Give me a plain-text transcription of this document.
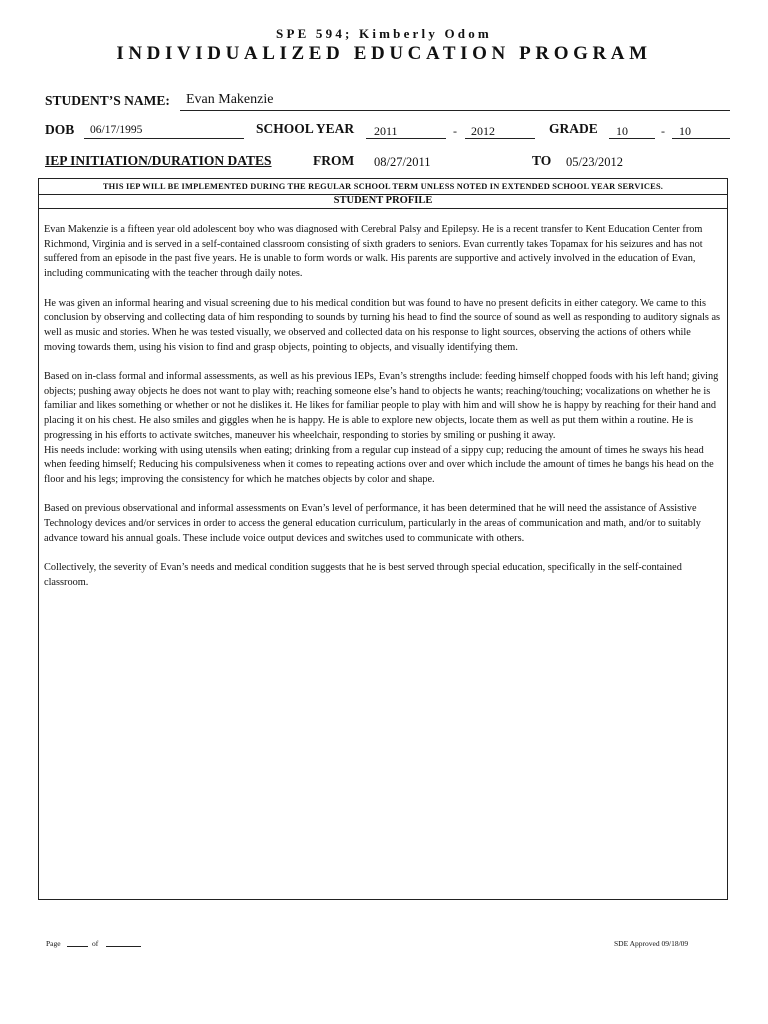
SPE 594; Kimberly Odom
INDIVIDUALIZED EDUCATION PROGRAM
STUDENT’S NAME: Evan Makenzie
DOB 06/17/1995	SCHOOL YEAR 2011	- 2012	GRADE 10	- 10
IEP INITIATION/DURATION DATES	FROM 08/27/2011	TO 05/23/2012
THIS IEP WILL BE IMPLEMENTED DURING THE REGULAR SCHOOL TERM UNLESS NOTED IN EXTENDED SCHOOL YEAR SERVICES.
STUDENT PROFILE

Evan Makenzie is a fifteen year old adolescent boy who was diagnosed with Cerebral Palsy and Epilepsy. He is a recent transfer to Kent Education Center from Richmond, Virginia and is served in a self-contained classroom consisting of sixth graders to seniors. Evan currently takes Topamax for his seizures and has not suffered from an episode in the past five years. He is unable to form words or walk. His parents are supportive and actively involved in the education of Evan, including communicating with the teacher through daily notes.

He was given an informal hearing and visual screening due to his medical condition but was found to have no present deficits in either category. We came to this conclusion by observing and collecting data of him responding to sounds by turning his head to find the source of sound as well as responding to auditory signals as well as music and stories. When he was tested visually, we observed and collected data on his response to light sources, observing the actions of others while moving towards them, using his vision to find and grasp objects, pointing to objects, and visually identifying them.

Based on in-class formal and informal assessments, as well as his previous IEPs, Evan’s strengths include: feeding himself chopped foods with his left hand; giving objects; pushing away objects he does not want to play with; reaching someone else’s hand to objects he wants; reaching/touching; vocalizations on whether he is familiar and likes something or whether or not he dislikes it. He likes for familiar people to play with him and will show he is happy by reaching for their hand and placing it on his chest. He also smiles and giggles when he is happy. He is able to explore new objects, locate them as well as put them within a routine. He is progressing in his efforts to activate switches, maneuver his wheelchair, responding to stories by smiling or pushing it away.

His needs include: working with using utensils when eating; drinking from a regular cup instead of a sippy cup; reducing the amount of times he sways his head when feeding himself; Reducing his compulsiveness when it comes to repeating actions over and over which include the amount of times he bangs his head on the floor and his legs; improving the consistency for which he matches objects by color and shape.

Based on previous observational and informal assessments on Evan’s level of performance, it has been determined that he will need the assistance of Assistive Technology devices and/or services in order to access the general education curriculum, particularly in the areas of communication and math, and/or to suitably advance toward his annual goals. These include voice output devices and switches used to communicate with others.

Collectively, the severity of Evan’s needs and medical condition suggests that he is best served through special education, specifically in the self-contained classroom.

Page	of	SDE Approved 09/18/09
